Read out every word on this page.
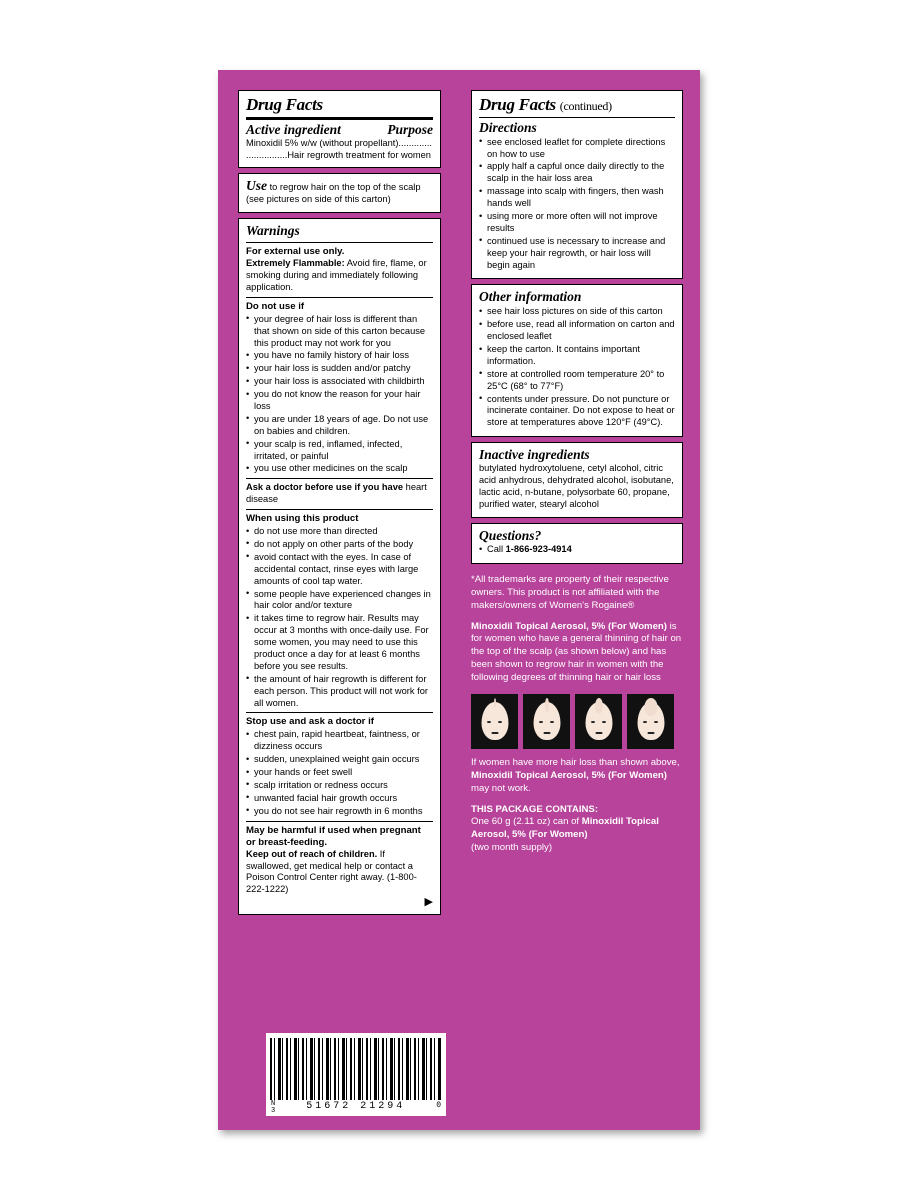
Drug Facts
Active ingredient	Purpose
Minoxidil 5% w/w (without propellant).............
................Hair regrowth treatment for women
Use to regrow hair on the top of the scalp
(see pictures on side of this carton)
Warnings
For external use only.
Extremely Flammable: Avoid fire, flame, or smoking during and immediately following application.
Do not use if
• your degree of hair loss is different than that shown on side of this carton because this product may not work for you
• you have no family history of hair loss
• your hair loss is sudden and/or patchy
• your hair loss is associated with childbirth
• you do not know the reason for your hair loss
• you are under 18 years of age. Do not use on babies and children.
• your scalp is red, inflamed, infected, irritated, or painful
• you use other medicines on the scalp
Ask a doctor before use if you have heart disease
When using this product
• do not use more than directed
• do not apply on other parts of the body
• avoid contact with the eyes. In case of accidental contact, rinse eyes with large amounts of cool tap water.
• some people have experienced changes in hair color and/or texture
• it takes time to regrow hair. Results may occur at 3 months with once-daily use. For some women, you may need to use this product once a day for at least 6 months before you see results.
• the amount of hair regrowth is different for each person. This product will not work for all women.
Stop use and ask a doctor if
• chest pain, rapid heartbeat, faintness, or dizziness occurs
• sudden, unexplained weight gain occurs
• your hands or feet swell
• scalp irritation or redness occurs
• unwanted facial hair growth occurs
• you do not see hair regrowth in 6 months
May be harmful if used when pregnant or breast-feeding.
Keep out of reach of children. If swallowed, get medical help or contact a Poison Control Center right away. (1-800-222-1222)
▶
Drug Facts (continued)
Directions
• see enclosed leaflet for complete directions on how to use
• apply half a capful once daily directly to the scalp in the hair loss area
• massage into scalp with fingers, then wash hands well
• using more or more often will not improve results
• continued use is necessary to increase and keep your hair regrowth, or hair loss will begin again
Other information
• see hair loss pictures on side of this carton
• before use, read all information on carton and enclosed leaflet
• keep the carton. It contains important information.
• store at controlled room temperature 20° to 25°C (68° to 77°F)
• contents under pressure. Do not puncture or incinerate container. Do not expose to heat or store at temperatures above 120°F (49°C).
Inactive ingredients
butylated hydroxytoluene, cetyl alcohol, citric acid anhydrous, dehydrated alcohol, isobutane, lactic acid, n-butane, polysorbate 60, propane, purified water, stearyl alcohol
Questions?
• Call 1-866-923-4914
*All trademarks are property of their respective owners. This product is not affiliated with the makers/owners of Women's Rogaine®
Minoxidil Topical Aerosol, 5% (For Women) is for women who have a general thinning of hair on the top of the scalp (as shown below) and has been shown to regrow hair in women with the following degrees of thinning hair or hair loss
If women have more hair loss than shown above, Minoxidil Topical Aerosol, 5% (For Women) may not work.
THIS PACKAGE CONTAINS:
One 60 g (2.11 oz) can of Minoxidil Topical Aerosol, 5% (For Women)
(two month supply)
N
3	51672 21294	0
